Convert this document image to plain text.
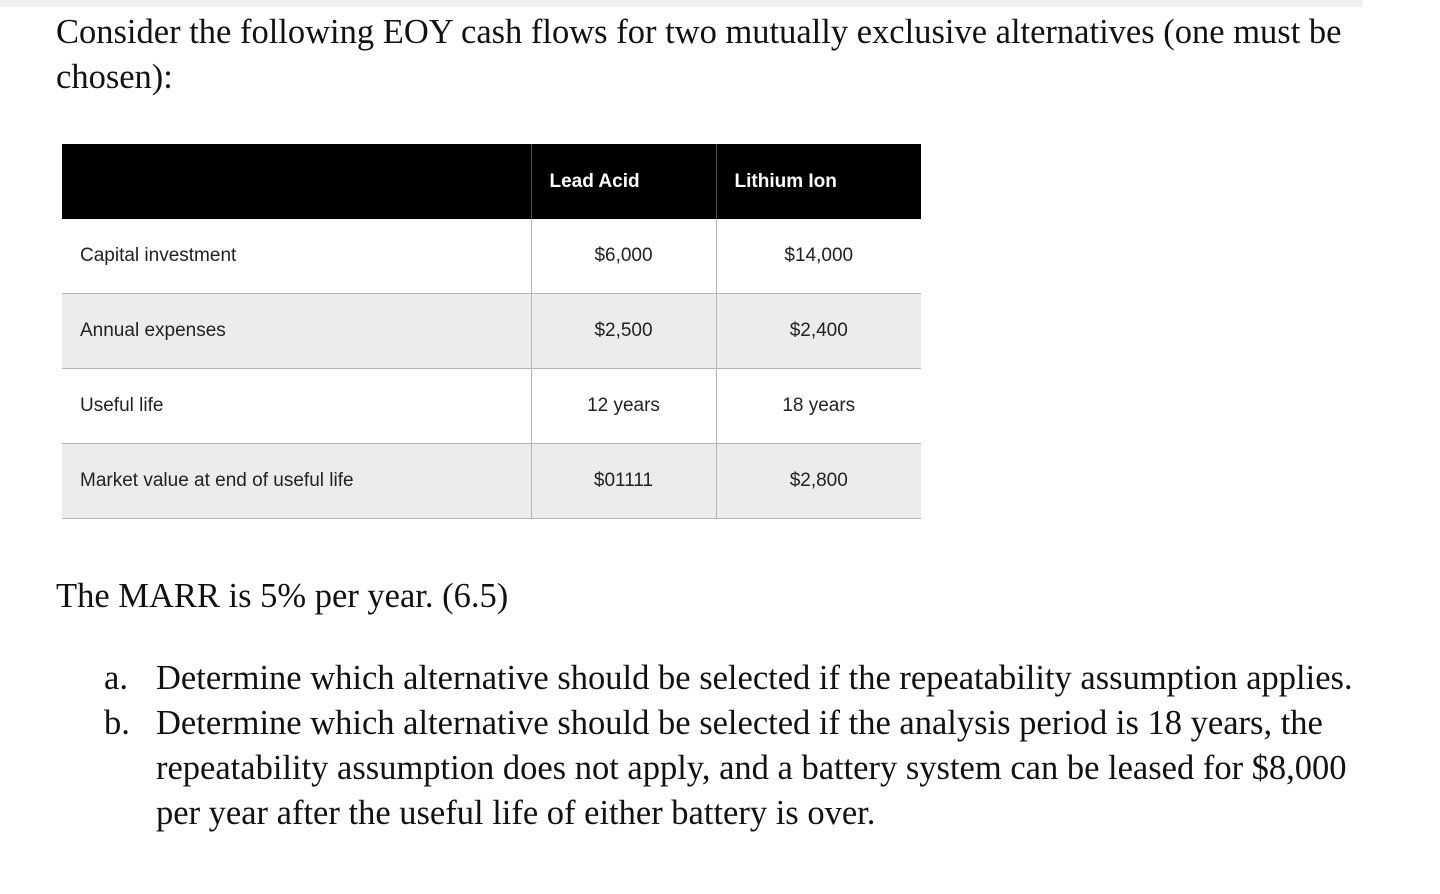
Consider the following EOY cash flows for two mutually exclusive alternatives (one must be chosen):

	Lead Acid	Lithium Ion
Capital investment	$6,000	$14,000
Annual expenses	$2,500	$2,400
Useful life	12 years	18 years
Market value at end of useful life	$01111	$2,800

The MARR is 5% per year. (6.5)

a. Determine which alternative should be selected if the repeatability assumption applies.
b. Determine which alternative should be selected if the analysis period is 18 years, the repeatability assumption does not apply, and a battery system can be leased for $8,000 per year after the useful life of either battery is over.
